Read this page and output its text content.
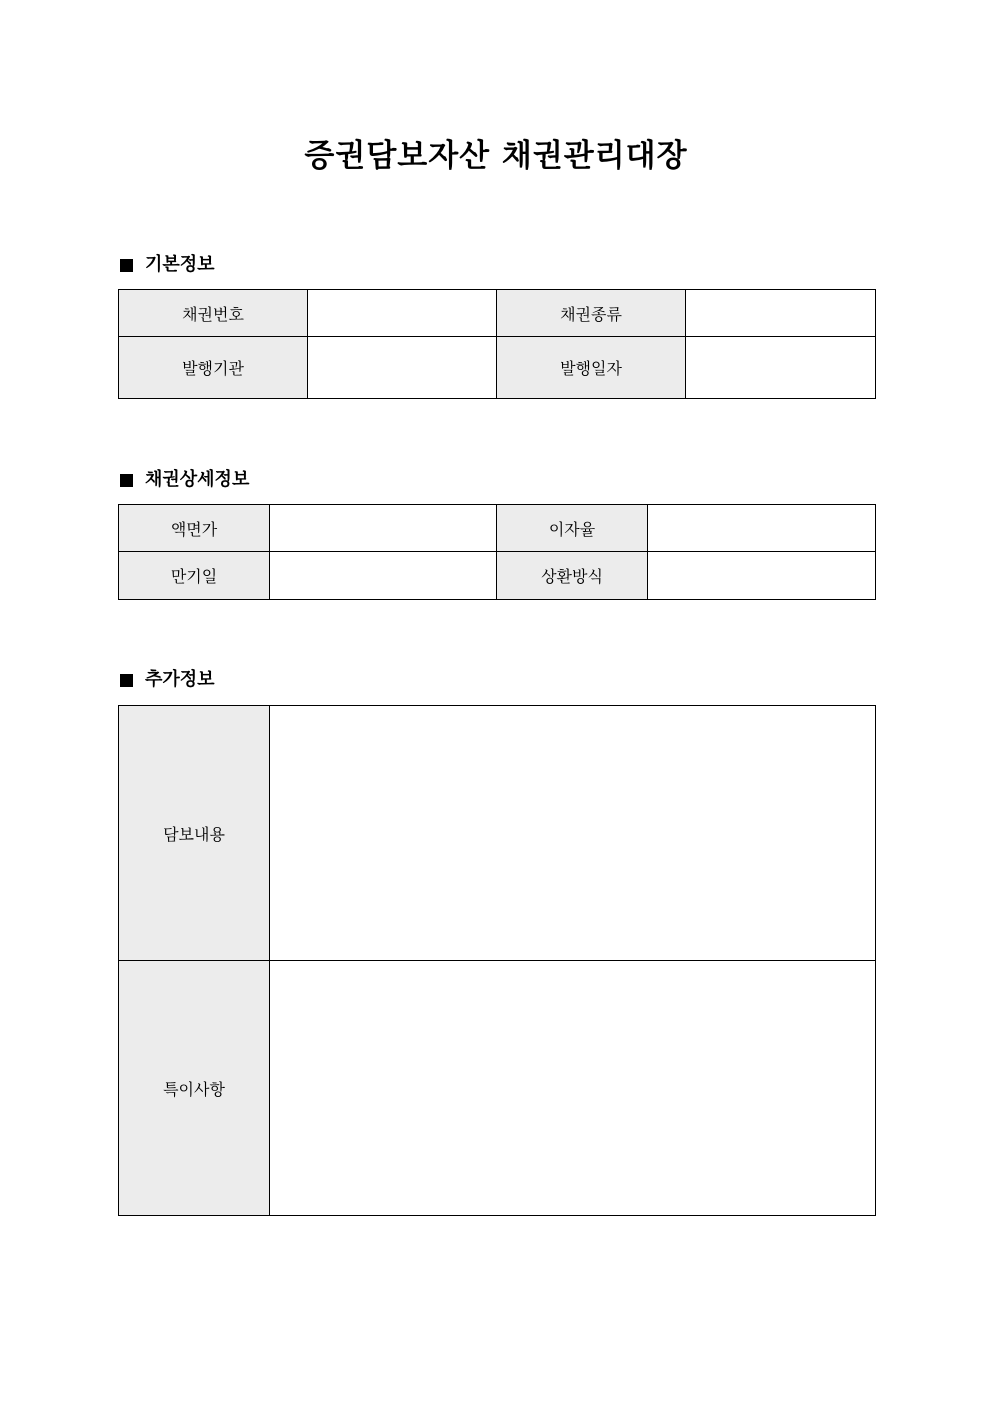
증권담보자산 채권관리대장
기본정보
채권번호		채권종류	
발행기관		발행일자	
채권상세정보
액면가		이자율	
만기일		상환방식	
추가정보
담보내용	
특이사항	
